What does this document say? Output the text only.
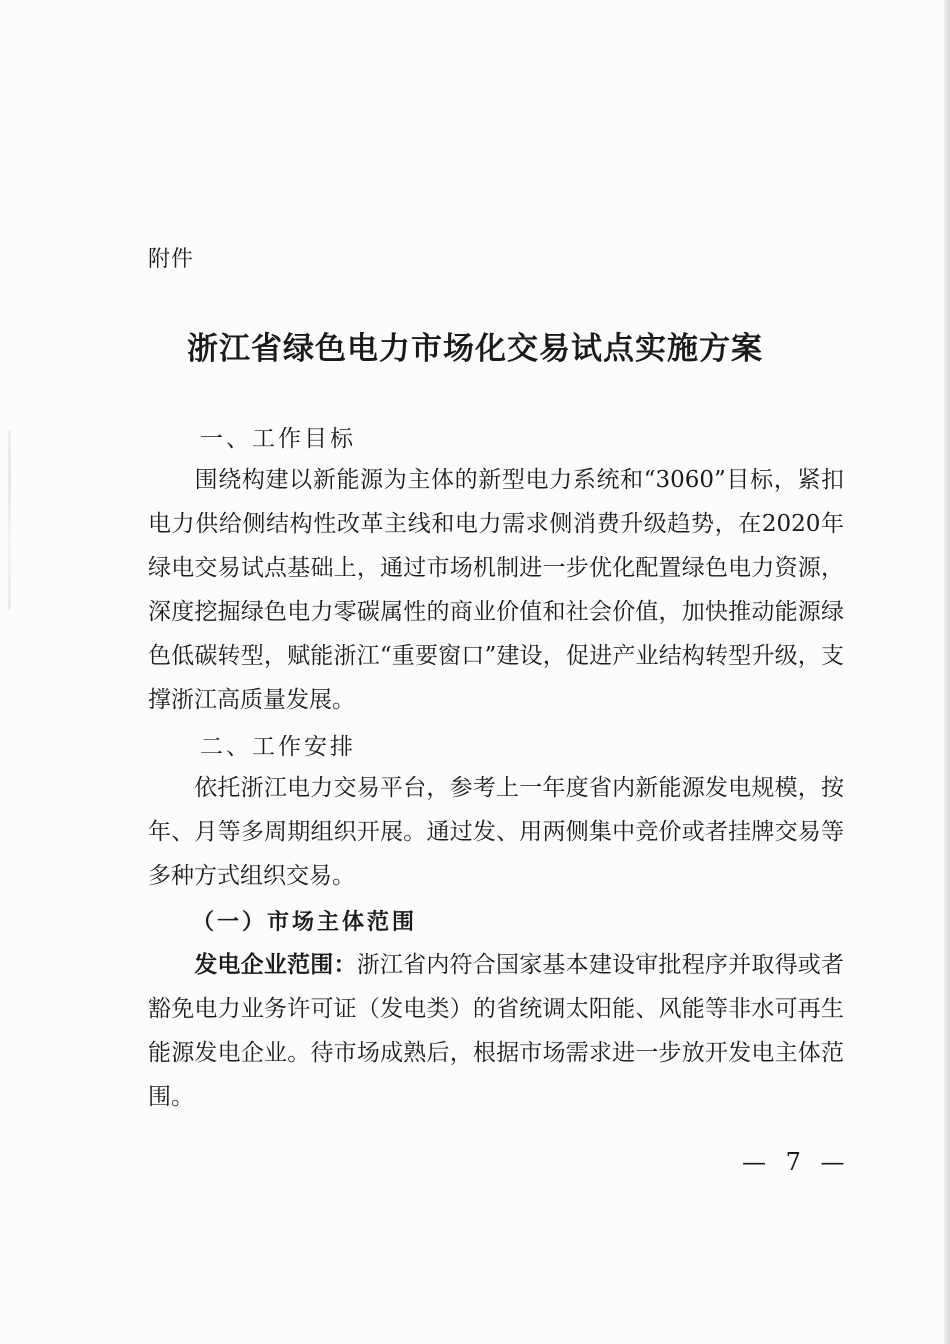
附件
浙江省绿色电力市场化交易试点实施方案
一、工作目标
围绕构建以新能源为主体的新型电力系统和“3060”目标，紧扣电力供给侧结构性改革主线和电力需求侧消费升级趋势，在2020年绿电交易试点基础上，通过市场机制进一步优化配置绿色电力资源，深度挖掘绿色电力零碳属性的商业价值和社会价值，加快推动能源绿色低碳转型，赋能浙江“重要窗口”建设，促进产业结构转型升级，支撑浙江高质量发展。
二、工作安排
依托浙江电力交易平台，参考上一年度省内新能源发电规模，按年、月等多周期组织开展。通过发、用两侧集中竞价或者挂牌交易等多种方式组织交易。
（一）市场主体范围
发电企业范围：浙江省内符合国家基本建设审批程序并取得或者豁免电力业务许可证（发电类）的省统调太阳能、风能等非水可再生能源发电企业。待市场成熟后，根据市场需求进一步放开发电主体范围。
— 7 —
